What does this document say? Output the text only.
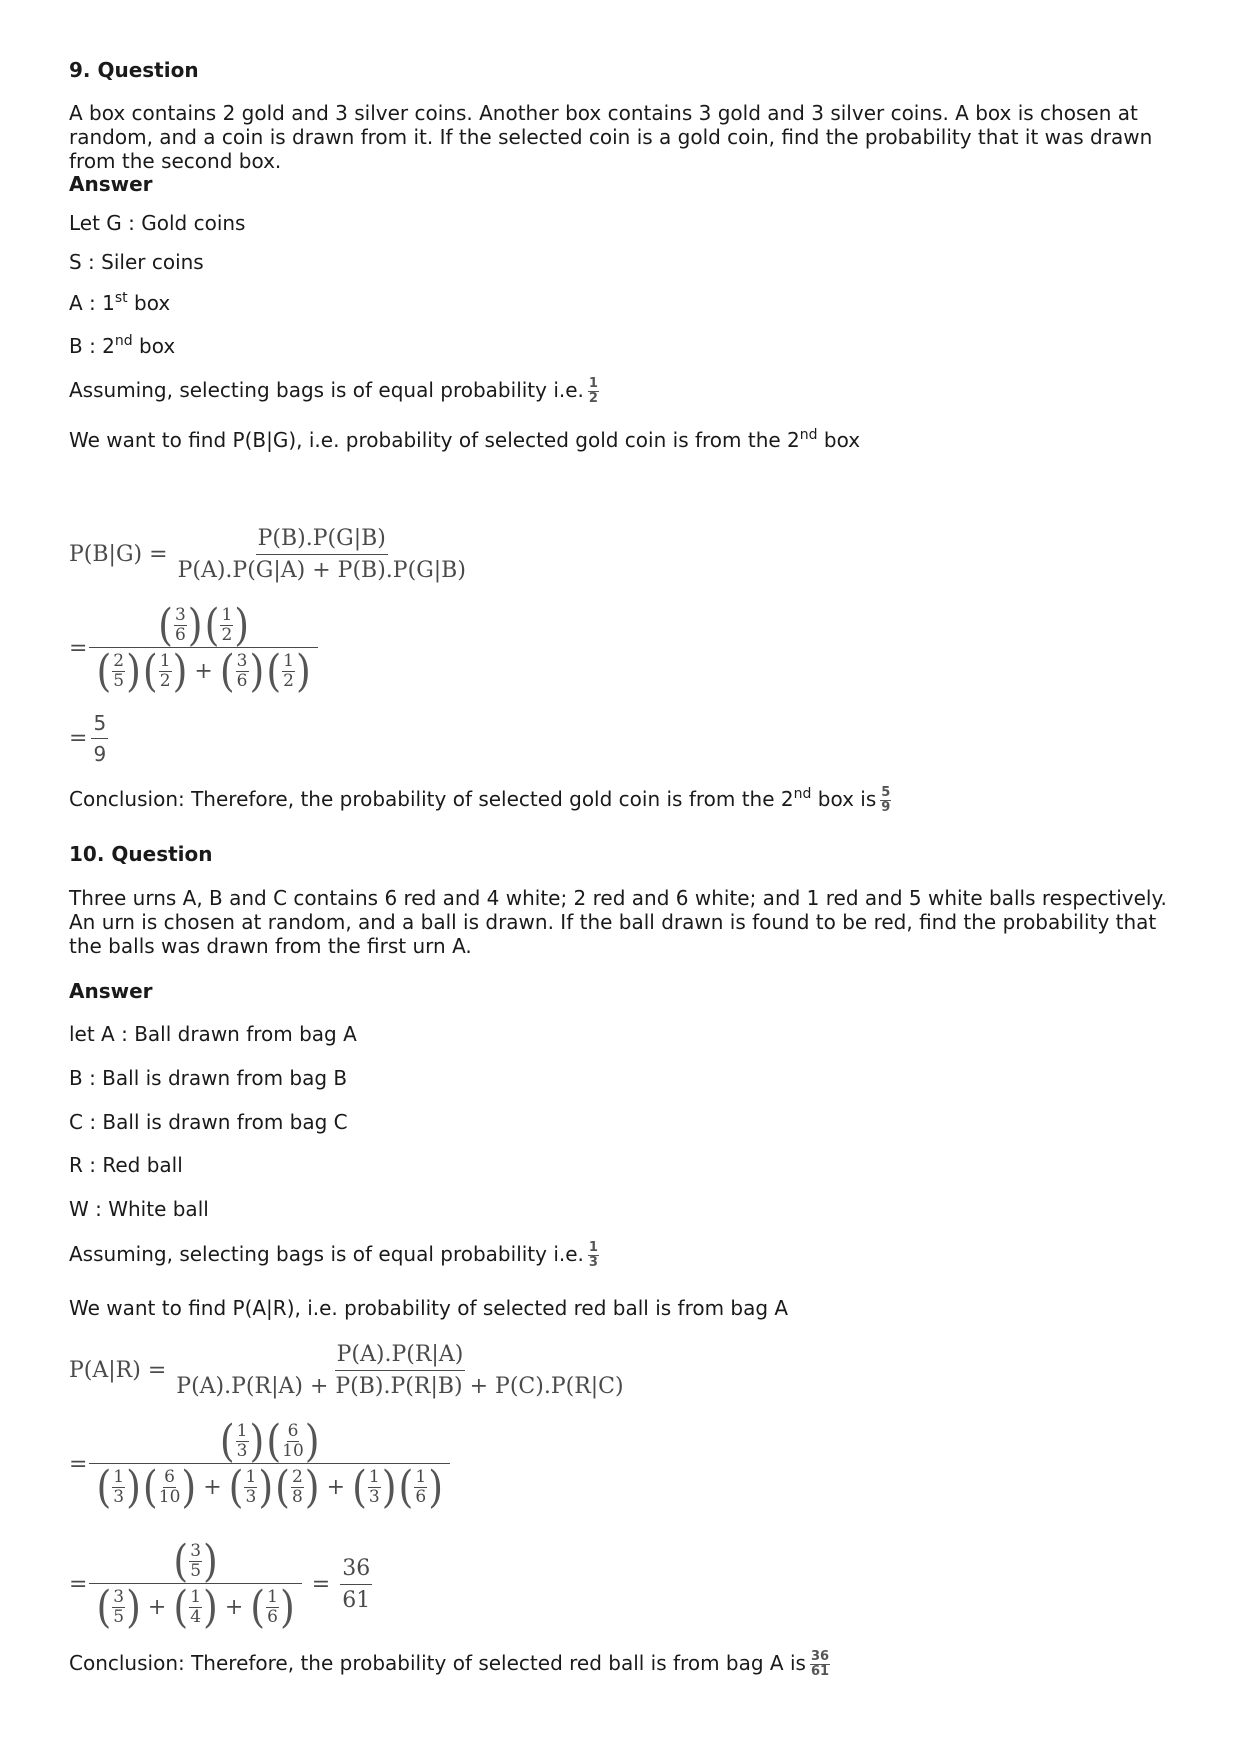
9. Question
A box contains 2 gold and 3 silver coins. Another box contains 3 gold and 3 silver coins. A box is chosen at random, and a coin is drawn from it. If the selected coin is a gold coin, find the probability that it was drawn from the second box.
Answer
Let G : Gold coins
S : Siler coins
A : 1st box
B : 2nd box
Assuming, selecting bags is of equal probability i.e. $\frac{1}{2}$
We want to find P(B|G), i.e. probability of selected gold coin is from the 2nd box
$P(B|G) = \frac{P(B).P(G|B)}{P(A).P(G|A) + P(B).P(G|B)}$
= ( 3
6 ) ( 1
2 )
( 2
5 ) ( 1
2 ) + ( 3
6 ) ( 1
2 )
= $\frac{5}{9}$
Conclusion: Therefore, the probability of selected gold coin is from the 2nd box is $\frac{5}{9}$
10. Question
Three urns A, B and C contains 6 red and 4 white; 2 red and 6 white; and 1 red and 5 white balls respectively. An urn is chosen at random, and a ball is drawn. If the ball drawn is found to be red, find the probability that the balls was drawn from the first urn A.
Answer
let A : Ball drawn from bag A
B : Ball is drawn from bag B
C : Ball is drawn from bag C
R : Red ball
W : White ball
Assuming, selecting bags is of equal probability i.e. $\frac{1}{3}$
We want to find P(A|R), i.e. probability of selected red ball is from bag A
$P(A|R) = \frac{P(A).P(R|A)}{P(A).P(R|A) + P(B).P(R|B) + P(C).P(R|C)}$
=	( 1
3 ) ( 6
10 )
( 1
3 ) ( 6
10 ) + ( 1
3 ) ( 2
8 ) + ( 1
3 ) ( 1
6 )
= ( 3
5 )
( 3
5 ) + ( 1
4 ) + ( 1
6 ) = $\frac{36}{61}$
Conclusion: Therefore, the probability of selected red ball is from bag A is $\frac{36}{61}$
